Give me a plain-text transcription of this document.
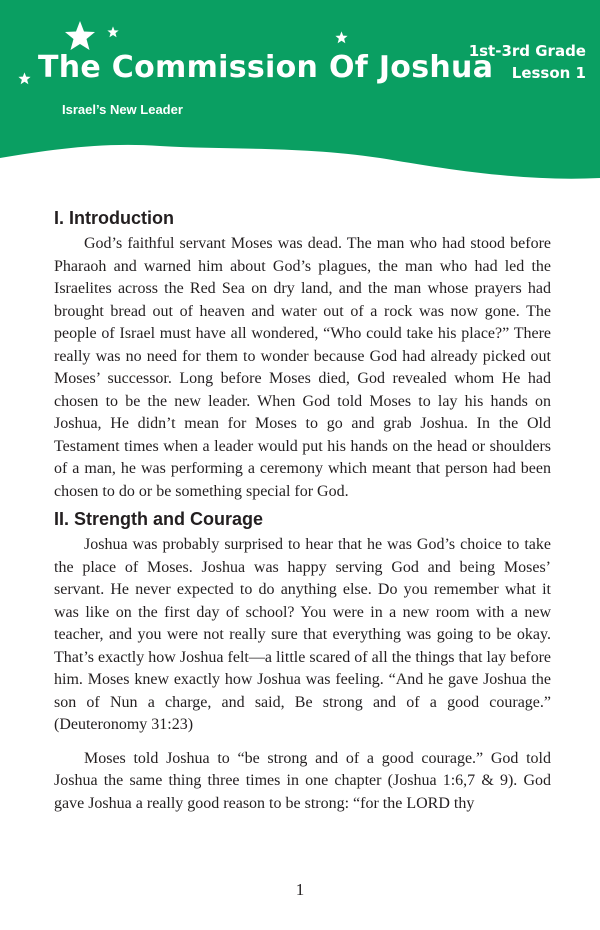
The Commission Of Joshua
Israel’s New Leader
1st-3rd Grade
Lesson 1
I. Introduction

God’s faithful servant Moses was dead. The man who had stood before Pharaoh and warned him about God’s plagues, the man who had led the Israelites across the Red Sea on dry land, and the man whose prayers had brought bread out of heaven and water out of a rock was now gone. The people of Israel must have all wondered, “Who could take his place?” There really was no need for them to wonder because God had already picked out Moses’ successor. Long before Moses died, God revealed whom He had chosen to be the new leader. When God told Moses to lay his hands on Joshua, He didn’t mean for Moses to go and grab Joshua. In the Old Testament times when a leader would put his hands on the head or shoulders of a man, he was performing a ceremony which meant that person had been chosen to do or be something special for God.

II. Strength and Courage

Joshua was probably surprised to hear that he was God’s choice to take the place of Moses. Joshua was happy serving God and being Moses’ servant. He never expected to do anything else. Do you remember what it was like on the first day of school? You were in a new room with a new teacher, and you were not really sure that everything was going to be okay. That’s exactly how Joshua felt—a little scared of all the things that lay before him. Moses knew exactly how Joshua was feeling. “And he gave Joshua the son of Nun a charge, and said, Be strong and of a good courage.” (Deuteronomy 31:23)

Moses told Joshua to “be strong and of a good courage.” God told Joshua the same thing three times in one chapter (Joshua 1:6,7 & 9). God gave Joshua a really good reason to be strong: “for the LORD thy

1
